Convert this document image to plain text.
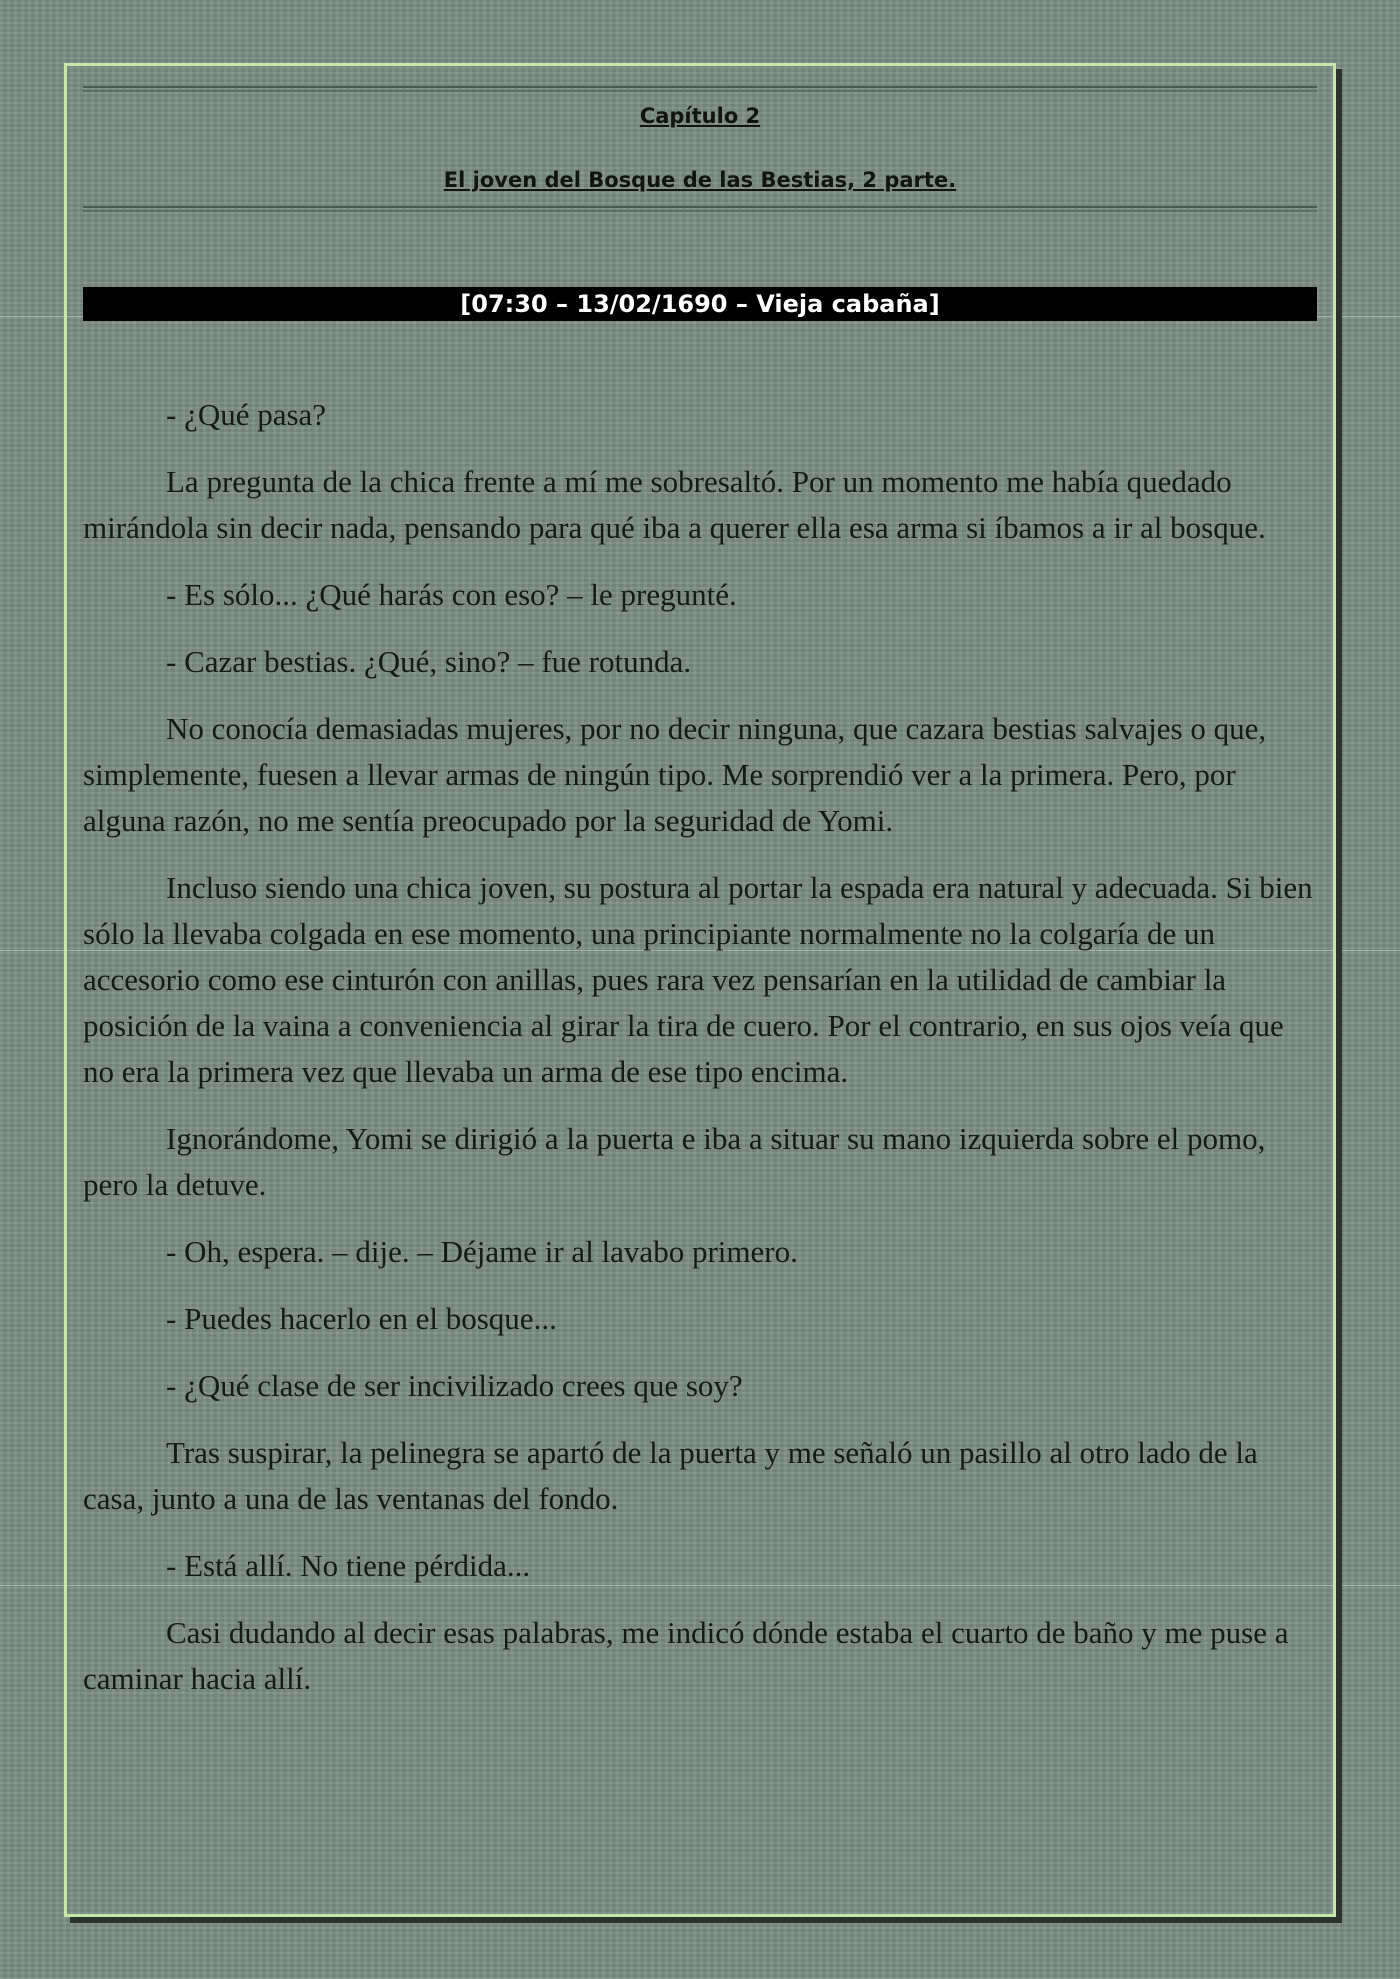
Capítulo 2
El joven del Bosque de las Bestias, 2 parte.
[07:30 – 13/02/1690 – Vieja cabaña]

- ¿Qué pasa?

La pregunta de la chica frente a mí me sobresaltó. Por un momento me había quedado mirándola sin decir nada, pensando para qué iba a querer ella esa arma si íbamos a ir al bosque.

- Es sólo... ¿Qué harás con eso? – le pregunté.

- Cazar bestias. ¿Qué, sino? – fue rotunda.

No conocía demasiadas mujeres, por no decir ninguna, que cazara bestias salvajes o que, simplemente, fuesen a llevar armas de ningún tipo. Me sorprendió ver a la primera. Pero, por alguna razón, no me sentía preocupado por la seguridad de Yomi.

Incluso siendo una chica joven, su postura al portar la espada era natural y adecuada. Si bien sólo la llevaba colgada en ese momento, una principiante normalmente no la colgaría de un accesorio como ese cinturón con anillas, pues rara vez pensarían en la utilidad de cambiar la posición de la vaina a conveniencia al girar la tira de cuero. Por el contrario, en sus ojos veía que no era la primera vez que llevaba un arma de ese tipo encima.

Ignorándome, Yomi se dirigió a la puerta e iba a situar su mano izquierda sobre el pomo, pero la detuve.

- Oh, espera. – dije. – Déjame ir al lavabo primero.

- Puedes hacerlo en el bosque...

- ¿Qué clase de ser incivilizado crees que soy?

Tras suspirar, la pelinegra se apartó de la puerta y me señaló un pasillo al otro lado de la casa, junto a una de las ventanas del fondo.

- Está allí. No tiene pérdida...

Casi dudando al decir esas palabras, me indicó dónde estaba el cuarto de baño y me puse a caminar hacia allí.
